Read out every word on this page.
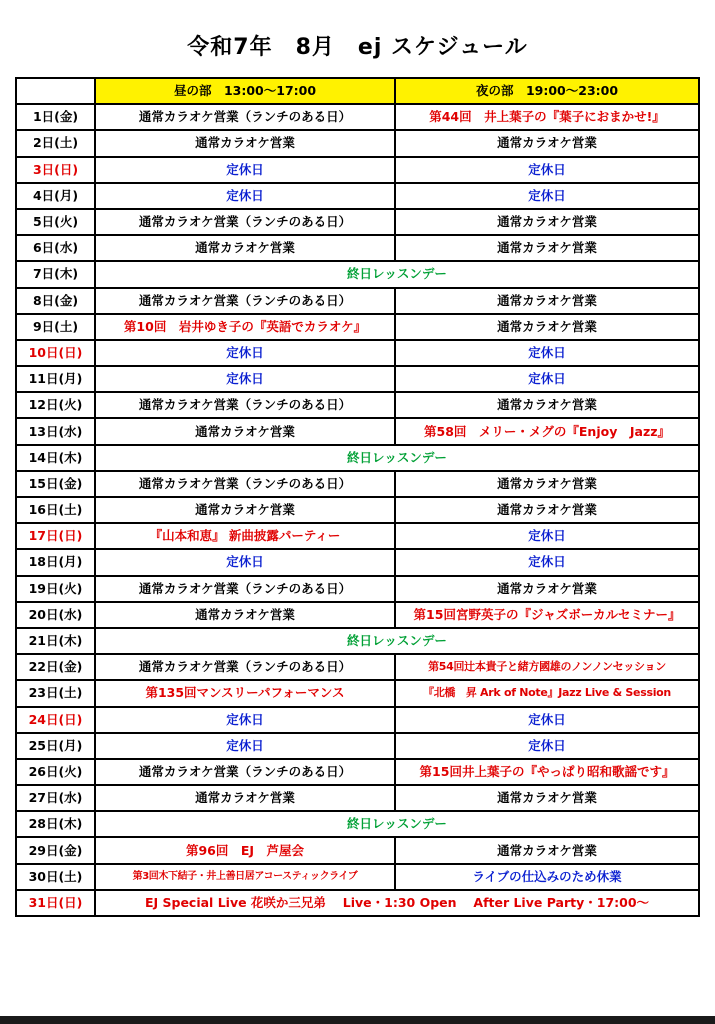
令和7年　8月　ej スケジュール
	昼の部　13:00～17:00	夜の部　19:00～23:00
1日(金)	通常カラオケ営業（ランチのある日）	第44回　井上葉子の『葉子におまかせ!』
2日(土)	通常カラオケ営業	通常カラオケ営業
3日(日)	定休日	定休日
4日(月)	定休日	定休日
5日(火)	通常カラオケ営業（ランチのある日）	通常カラオケ営業
6日(水)	通常カラオケ営業	通常カラオケ営業
7日(木)	終日レッスンデー	
8日(金)	通常カラオケ営業（ランチのある日）	通常カラオケ営業
9日(土)	第10回　岩井ゆき子の『英語でカラオケ』	通常カラオケ営業
10日(日)	定休日	定休日
11日(月)	定休日	定休日
12日(火)	通常カラオケ営業（ランチのある日）	通常カラオケ営業
13日(水)	通常カラオケ営業	第58回　メリー・メグの『Enjoy　Jazz』
14日(木)	終日レッスンデー	
15日(金)	通常カラオケ営業（ランチのある日）	通常カラオケ営業
16日(土)	通常カラオケ営業	通常カラオケ営業
17日(日)	『山本和恵』 新曲披露パーティー	定休日
18日(月)	定休日	定休日
19日(火)	通常カラオケ営業（ランチのある日）	通常カラオケ営業
20日(水)	通常カラオケ営業	第15回宮野英子の『ジャズボーカルセミナー』
21日(木)	終日レッスンデー	
22日(金)	通常カラオケ営業（ランチのある日）	第54回辻本貴子と緒方國雄のノンノンセッション
23日(土)	第135回マンスリーパフォーマンス	『北橋　昇 Ark of Note』Jazz Live & Session
24日(日)	定休日	定休日
25日(月)	定休日	定休日
26日(火)	通常カラオケ営業（ランチのある日）	第15回井上葉子の『やっぱり昭和歌謡です』
27日(水)	通常カラオケ営業	通常カラオケ営業
28日(木)	終日レッスンデー	
29日(金)	第96回　EJ　芦屋会	通常カラオケ営業
30日(土)	第3回木下結子・井上善日居アコースティックライブ	ライブの仕込みのため休業
31日(日)	EJ Special Live 花咲か三兄弟　 Live・1:30 Open　 After Live Party・17:00～	
